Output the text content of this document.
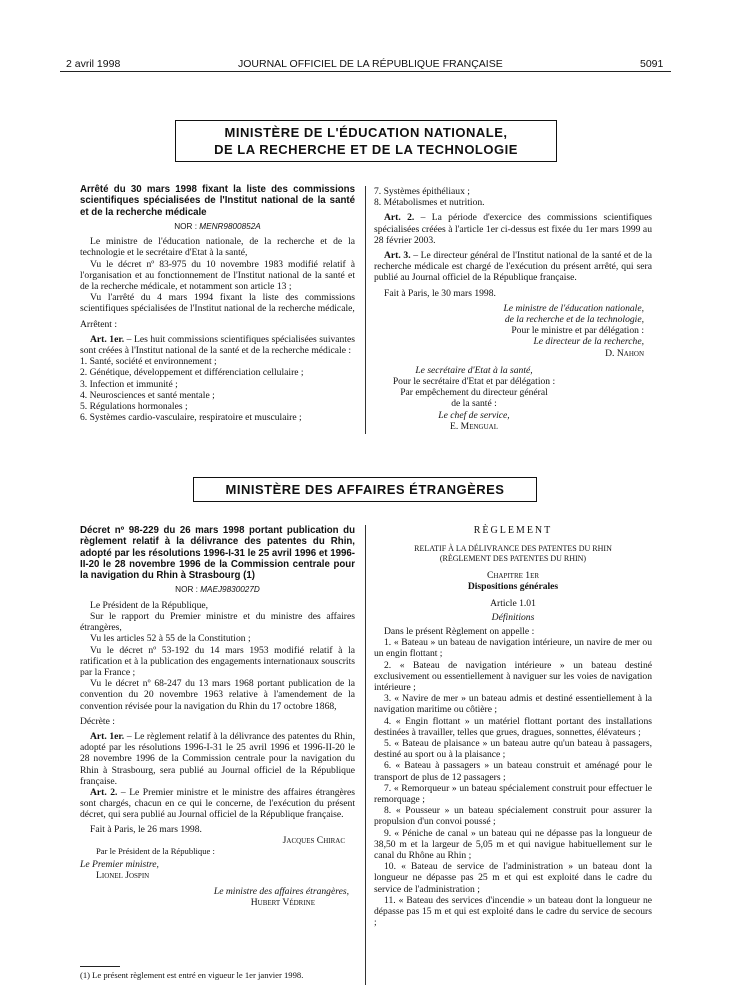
2 avril 1998	JOURNAL OFFICIEL DE LA RÉPUBLIQUE FRANÇAISE	5091
MINISTÈRE DE L'ÉDUCATION NATIONALE,
DE LA RECHERCHE ET DE LA TECHNOLOGIE
Arrêté du 30 mars 1998 fixant la liste des commissions scientifiques spécialisées de l'Institut national de la santé et de la recherche médicale
NOR : MENR9800852A

Le ministre de l'éducation nationale, de la recherche et de la technologie et le secrétaire d'Etat à la santé,

Vu le décret nº 83-975 du 10 novembre 1983 modifié relatif à l'organisation et au fonctionnement de l'Institut national de la santé et de la recherche médicale, et notamment son article 13 ;

Vu l'arrêté du 4 mars 1994 fixant la liste des commissions scientifiques spécialisées de l'Institut national de la recherche médicale,

Arrêtent :

Art. 1er. – Les huit commissions scientifiques spécialisées suivantes sont créées à l'Institut national de la santé et de la recherche médicale :

1. Santé, société et environnement ;
2. Génétique, développement et différenciation cellulaire ;
3. Infection et immunité ;
4. Neurosciences et santé mentale ;
5. Régulations hormonales ;
6. Systèmes cardio-vasculaire, respiratoire et musculaire ;
7. Systèmes épithéliaux ;
8. Métabolismes et nutrition.

Art. 2. – La période d'exercice des commissions scientifiques spécialisées créées à l'article 1er ci-dessus est fixée du 1er mars 1999 au 28 février 2003.

Art. 3. – Le directeur général de l'Institut national de la santé et de la recherche médicale est chargé de l'exécution du présent arrêté, qui sera publié au Journal officiel de la République française.

Fait à Paris, le 30 mars 1998.

Le ministre de l'éducation nationale,
de la recherche et de la technologie,
Pour le ministre et par délégation :
Le directeur de la recherche,
D. Nahon
Le secrétaire d'Etat à la santé,
Pour le secrétaire d'Etat et par délégation :
Par empêchement du directeur général
de la santé :
Le chef de service,
E. Mengual
MINISTÈRE DES AFFAIRES ÉTRANGÈRES
Décret nº 98-229 du 26 mars 1998 portant publication du règlement relatif à la délivrance des patentes du Rhin, adopté par les résolutions 1996-I-31 le 25 avril 1996 et 1996-II-20 le 28 novembre 1996 de la Commission centrale pour la navigation du Rhin à Strasbourg (1)
NOR : MAEJ9830027D

Le Président de la République,

Sur le rapport du Premier ministre et du ministre des affaires étrangères,

Vu les articles 52 à 55 de la Constitution ;

Vu le décret nº 53-192 du 14 mars 1953 modifié relatif à la ratification et à la publication des engagements internationaux souscrits par la France ;

Vu le décret nº 68-247 du 13 mars 1968 portant publication de la convention du 20 novembre 1963 relative à l'amendement de la convention révisée pour la navigation du Rhin du 17 octobre 1868,

Décrète :

Art. 1er. – Le règlement relatif à la délivrance des patentes du Rhin, adopté par les résolutions 1996-I-31 le 25 avril 1996 et 1996-II-20 le 28 novembre 1996 de la Commission centrale pour la navigation du Rhin à Strasbourg, sera publié au Journal officiel de la République française.

Art. 2. – Le Premier ministre et le ministre des affaires étrangères sont chargés, chacun en ce qui le concerne, de l'exécution du présent décret, qui sera publié au Journal officiel de la République française.

Fait à Paris, le 26 mars 1998.

Jacques Chirac
Par le Président de la République :
Le Premier ministre,
Lionel Jospin
Le ministre des affaires étrangères,
Hubert Védrine
(1) Le présent règlement est entré en vigueur le 1er janvier 1998.
RÈGLEMENT
RELATIF À LA DÉLIVRANCE DES PATENTES DU RHIN
(RÈGLEMENT DES PATENTES DU RHIN)
Chapitre 1er
Dispositions générales
Article 1.01
Définitions

Dans le présent Règlement on appelle :

1. « Bateau » un bateau de navigation intérieure, un navire de mer ou un engin flottant ;

2. « Bateau de navigation intérieure » un bateau destiné exclusivement ou essentiellement à naviguer sur les voies de navigation intérieure ;

3. « Navire de mer » un bateau admis et destiné essentiellement à la navigation maritime ou côtière ;

4. « Engin flottant » un matériel flottant portant des installations destinées à travailler, telles que grues, dragues, sonnettes, élévateurs ;

5. « Bateau de plaisance » un bateau autre qu'un bateau à passagers, destiné au sport ou à la plaisance ;

6. « Bateau à passagers » un bateau construit et aménagé pour le transport de plus de 12 passagers ;

7. « Remorqueur » un bateau spécialement construit pour effectuer le remorquage ;

8. « Pousseur » un bateau spécialement construit pour assurer la propulsion d'un convoi poussé ;

9. « Péniche de canal » un bateau qui ne dépasse pas la longueur de 38,50 m et la largeur de 5,05 m et qui navigue habituellement sur le canal du Rhône au Rhin ;

10. « Bateau de service de l'administration » un bateau dont la longueur ne dépasse pas 25 m et qui est exploité dans le cadre du service de l'administration ;

11. « Bateau des services d'incendie » un bateau dont la longueur ne dépasse pas 15 m et qui est exploité dans le cadre du service de secours ;
